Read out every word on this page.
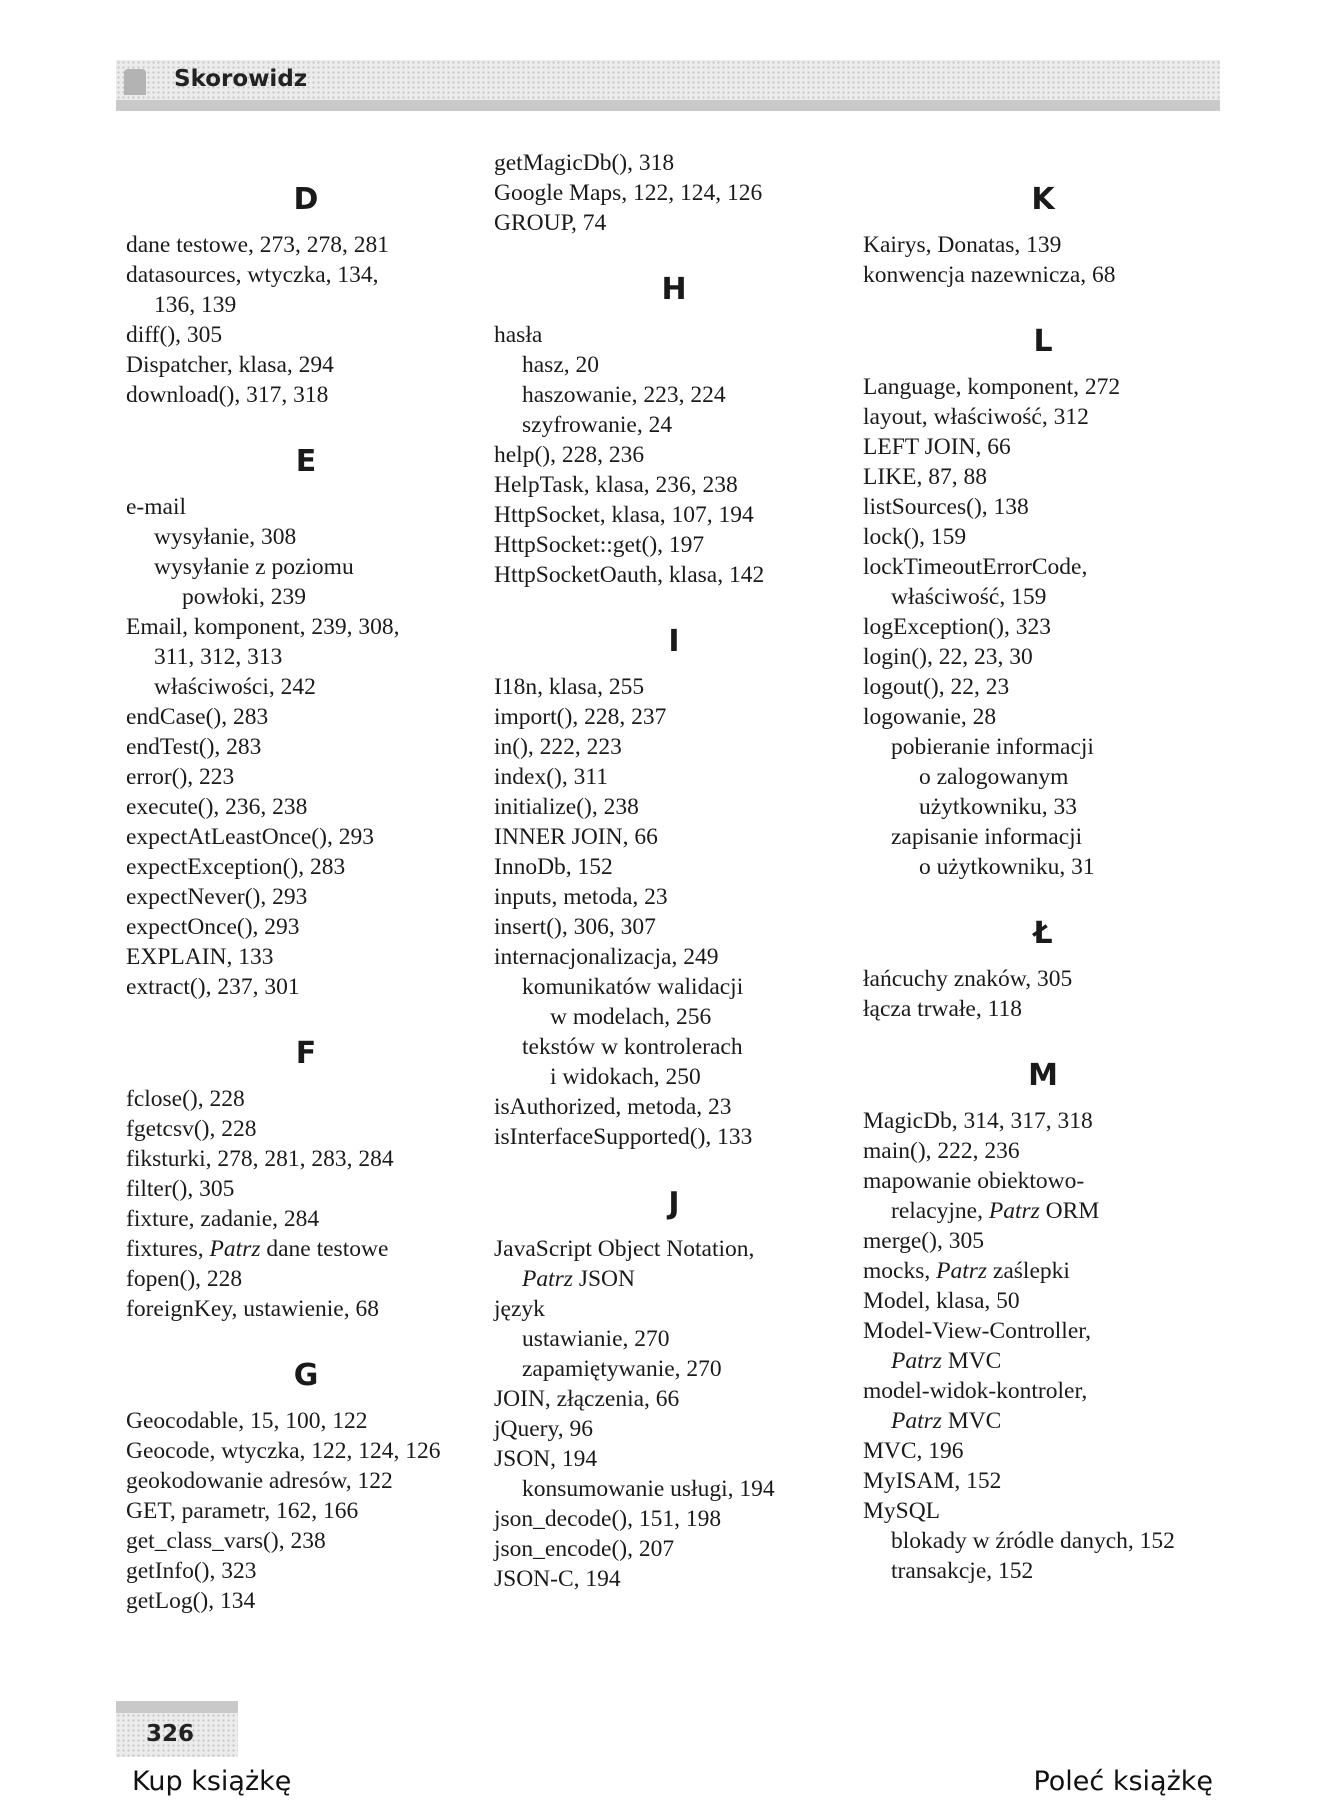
Skorowidz
D
dane testowe, 273, 278, 281
datasources, wtyczka, 134,
136, 139
diff(), 305
Dispatcher, klasa, 294
download(), 317, 318
E
e-mail
wysyłanie, 308
wysyłanie z poziomu
powłoki, 239
Email, komponent, 239, 308,
311, 312, 313
właściwości, 242
endCase(), 283
endTest(), 283
error(), 223
execute(), 236, 238
expectAtLeastOnce(), 293
expectException(), 283
expectNever(), 293
expectOnce(), 293
EXPLAIN, 133
extract(), 237, 301
F
fclose(), 228
fgetcsv(), 228
fiksturki, 278, 281, 283, 284
filter(), 305
fixture, zadanie, 284
fixtures, Patrz dane testowe
fopen(), 228
foreignKey, ustawienie, 68
G
Geocodable, 15, 100, 122
Geocode, wtyczka, 122, 124, 126
geokodowanie adresów, 122
GET, parametr, 162, 166
get_class_vars(), 238
getInfo(), 323
getLog(), 134
getMagicDb(), 318
Google Maps, 122, 124, 126
GROUP, 74
H
hasła
hasz, 20
haszowanie, 223, 224
szyfrowanie, 24
help(), 228, 236
HelpTask, klasa, 236, 238
HttpSocket, klasa, 107, 194
HttpSocket::get(), 197
HttpSocketOauth, klasa, 142
I
I18n, klasa, 255
import(), 228, 237
in(), 222, 223
index(), 311
initialize(), 238
INNER JOIN, 66
InnoDb, 152
inputs, metoda, 23
insert(), 306, 307
internacjonalizacja, 249
komunikatów walidacji
w modelach, 256
tekstów w kontrolerach
i widokach, 250
isAuthorized, metoda, 23
isInterfaceSupported(), 133
J
JavaScript Object Notation,
Patrz JSON
język
ustawianie, 270
zapamiętywanie, 270
JOIN, złączenia, 66
jQuery, 96
JSON, 194
konsumowanie usługi, 194
json_decode(), 151, 198
json_encode(), 207
JSON-C, 194
K
Kairys, Donatas, 139
konwencja nazewnicza, 68
L
Language, komponent, 272
layout, właściwość, 312
LEFT JOIN, 66
LIKE, 87, 88
listSources(), 138
lock(), 159
lockTimeoutErrorCode,
właściwość, 159
logException(), 323
login(), 22, 23, 30
logout(), 22, 23
logowanie, 28
pobieranie informacji
o zalogowanym
użytkowniku, 33
zapisanie informacji
o użytkowniku, 31
Ł
łańcuchy znaków, 305
łącza trwałe, 118
M
MagicDb, 314, 317, 318
main(), 222, 236
mapowanie obiektowo-
relacyjne, Patrz ORM
merge(), 305
mocks, Patrz zaślepki
Model, klasa, 50
Model-View-Controller,
Patrz MVC
model-widok-kontroler,
Patrz MVC
MVC, 196
MyISAM, 152
MySQL
blokady w źródle danych, 152
transakcje, 152
326
Kup książkę	Poleć książkę
